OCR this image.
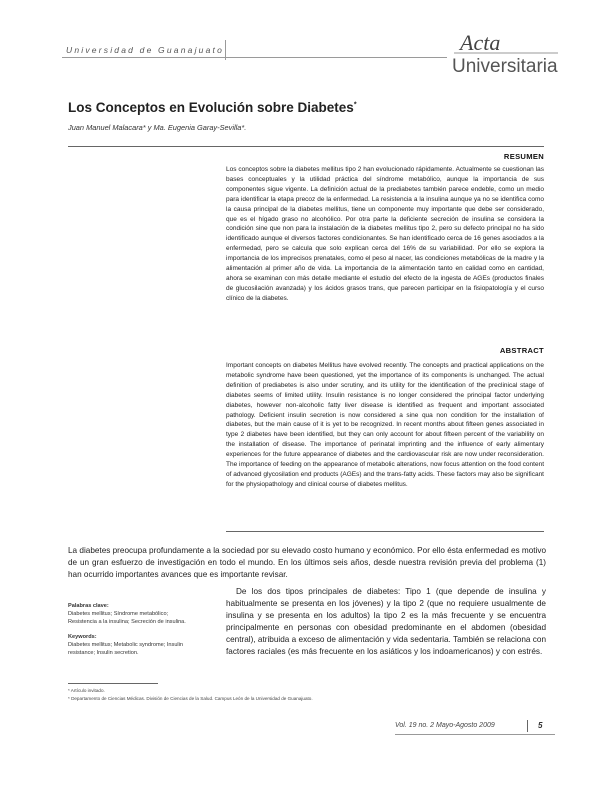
Universidad de Guanajuato	Acta
Universitaria
Los Conceptos en Evolución sobre Diabetes*
Juan Manuel Malacara* y Ma. Eugenia Garay-Sevilla*.
RESUMEN

Los conceptos sobre la diabetes mellitus tipo 2 han evolucionado rápidamente. Actualmente se cuestionan las bases conceptuales y la utilidad práctica del síndrome metabólico, aunque la importancia de sus componentes sigue vigente. La definición actual de la prediabetes también parece endeble, como un medio para identificar la etapa precoz de la enfermedad. La resistencia a la insulina aunque ya no se identifica como la causa principal de la diabetes mellitus, tiene un componente muy importante que debe ser considerado, que es el hígado graso no alcohólico. Por otra parte la deficiente secreción de insulina se considera la condición sine que non para la instalación de la diabetes mellitus tipo 2, pero su defecto principal no ha sido identificado aunque el diversos factores condicionantes. Se han identificado cerca de 16 genes asociados a la enfermedad, pero se calcula que solo explican cerca del 16% de su variabilidad. Por ello se explora la importancia de los imprecisos prenatales, como el peso al nacer, las condiciones metabólicas de la madre y la alimentación al primer año de vida. La importancia de la alimentación tanto en calidad como en cantidad, ahora se examinan con más detalle mediante el estudio del efecto de la ingesta de AGEs (productos finales de glucosilación avanzada) y los ácidos grasos trans, que parecen participar en la fisiopatología y el curso clínico de la diabetes.

ABSTRACT

Important concepts on diabetes Mellitus have evolved recently. The concepts and practical applications on the metabolic syndrome have been questioned, yet the importance of its components is unchanged. The actual definition of prediabetes is also under scrutiny, and its utility for the identification of the preclinical stage of diabetes seems of limited utility. Insulin resistance is no longer considered the principal factor underlying diabetes, however non-alcoholic fatty liver disease is identified as frequent and important associated pathology. Deficient insulin secretion is now considered a sine qua non condition for the installation of diabetes, but the main cause of it is yet to be recognized. In recent months about fifteen genes associated in type 2 diabetes have been identified, but they can only account for about fifteen percent of the variability on the installation of disease. The importance of perinatal imprinting and the influence of early alimentary experiences for the future appearance of diabetes and the cardiovascular risk are now under reconsideration. The importance of feeding on the appearance of metabolic alterations, now focus attention on the food content of advanced glycosilation end products (AGEs) and the trans-fatty acids. These factors may also be significant for the physiopathology and clinical course of diabetes mellitus.

La diabetes preocupa profundamente a la sociedad por su elevado costo humano y económico. Por ello ésta enfermedad es motivo de un gran esfuerzo de investigación en todo el mundo. En los últimos seis años, desde nuestra revisión previa del problema (1) han ocurrido importantes avances que es importante revisar.

Palabras clave:

Diabetes mellitus; Síndrome metabólico; Resistencia a la insulina; Secreción de insulina.

Keywords:

Diabetes mellitus; Metabolic syndrome; Insulin resistance; Insulin secretion.

De los dos tipos principales de diabetes: Tipo 1 (que depende de insulina y habitualmente se presenta en los jóvenes) y la tipo 2 (que no requiere usualmente de insulina y se presenta en los adultos) la tipo 2 es la más frecuente y se encuentra principalmente en personas con obesidad predominante en el abdomen (obesidad central), atribuida a exceso de alimentación y vida sedentaria. También se relaciona con factores raciales (es más frecuente en los asiáticos y los indoamericanos) y con estrés.

* Artículo invitado.
* Departamento de Ciencias Médicas. División de Ciencias de la Salud. Campus León de la Universidad de Guanajuato.
Vol. 19 no. 2 Mayo-Agosto 2009	5
